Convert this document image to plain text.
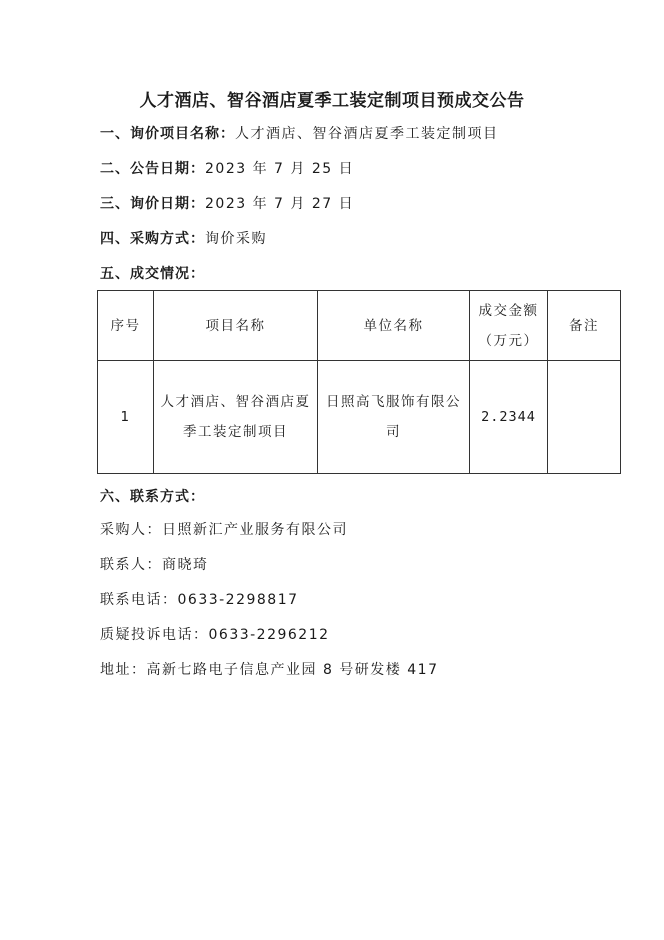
人才酒店、智谷酒店夏季工装定制项目预成交公告
一、询价项目名称：人才酒店、智谷酒店夏季工装定制项目
二、公告日期：2023 年 7 月 25 日
三、询价日期：2023 年 7 月 27 日
四、采购方式：询价采购
五、成交情况：
序号	项目名称	单位名称	成交金额（万元）	备注
1	人才酒店、智谷酒店夏季工装定制项目	日照高飞服饰有限公司	2.2344	
六、联系方式：
采购人：日照新汇产业服务有限公司
联系人：商晓琦
联系电话：0633-2298817
质疑投诉电话：0633-2296212
地址：高新七路电子信息产业园 8 号研发楼 417
